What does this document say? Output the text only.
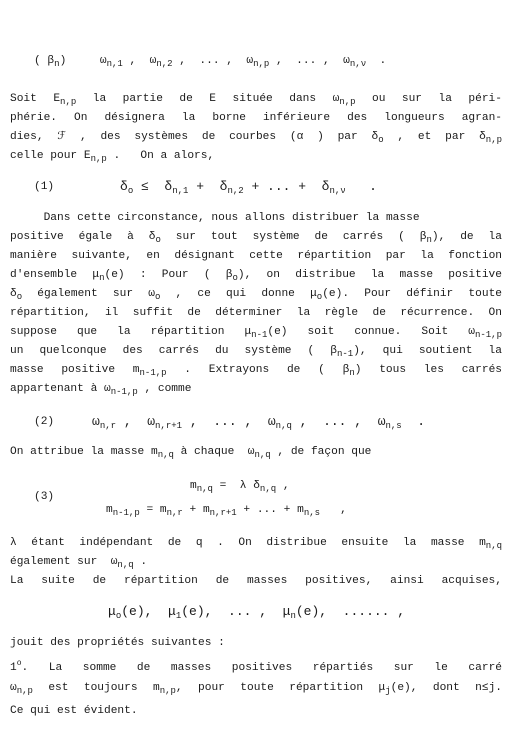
( $\beta_n$)     $\omega_{n,1}$ ,  $\omega_{n,2}$ ,  ... ,  $\omega_{n,p}$ ,  ... ,  $\omega_{n,\nu}$  .
Soit $E_{n,p}$ la partie de E située dans $\omega_{n,p}$ ou sur la péri-
phérie. On désignera la borne inférieure des longueurs agran-
dies, ℱ , des systèmes de courbes (α ) par $\delta_o$ , et par $\delta_{n,p}$
celle pour $E_{n,p}$ .   On a alors,
(1)	$\delta_o \le \delta_{n,1} + \delta_{n,2}$ + ... +  $\delta_{n,\nu}$   .
Dans cette circonstance, nous allons distribuer la masse
positive égale à $\delta_o$ sur tout système de carrés ( $\beta_n$), de la
manière suivante, en désignant cette répartition par la fonction
d'ensemble $\mu_n(e)$ : Pour ( $\beta_o$), on distribue la masse positive
$\delta_o$ également sur $\omega_o$ , ce qui donne $\mu_o(e)$. Pour définir toute
répartition, il suffit de déterminer la règle de récurrence. On
suppose que la répartition $\mu_{n-1}(e)$ soit connue. Soit $\omega_{n-1,p}$
un quelconque des carrés du système ( $\beta_{n-1}$), qui soutient la
masse positive $m_{n-1,p}$ . Extrayons de ( $\beta_n$) tous les carrés
appartenant à $\omega_{n-1,p}$ , comme
(2)	$\omega_{n,r}$ ,  $\omega_{n,r+1}$ ,  ... ,  $\omega_{n,q}$ ,  ... ,  $\omega_{n,s}$  .
On attribue la masse $m_{n,q}$ à chaque  $\omega_{n,q}$ , de façon que
(3)
$m_{n,q} = \lambda$ $\delta_{n,q}$ ,
$m_{n-1,p} = m_{n,r} + m_{n,r+1}$ + ... + $m_{n,s}$   ,
λ étant indépendant de q . On distribue ensuite la masse $m_{n,q}$
également sur  $\omega_{n,q}$ .
La suite de répartition de masses positives, ainsi acquises,
$\mu_o(e)$,  $\mu_1(e)$,  ... ,  $\mu_n(e)$,  ...... ,
jouit des propriétés suivantes :
1$^o$. La somme de masses positives répartiés sur le carré
$\omega_{n,p}$ est toujours $m_{n,p}$, pour toute répartition $\mu_j(e)$, dont n≤j.
Ce qui est évident.
